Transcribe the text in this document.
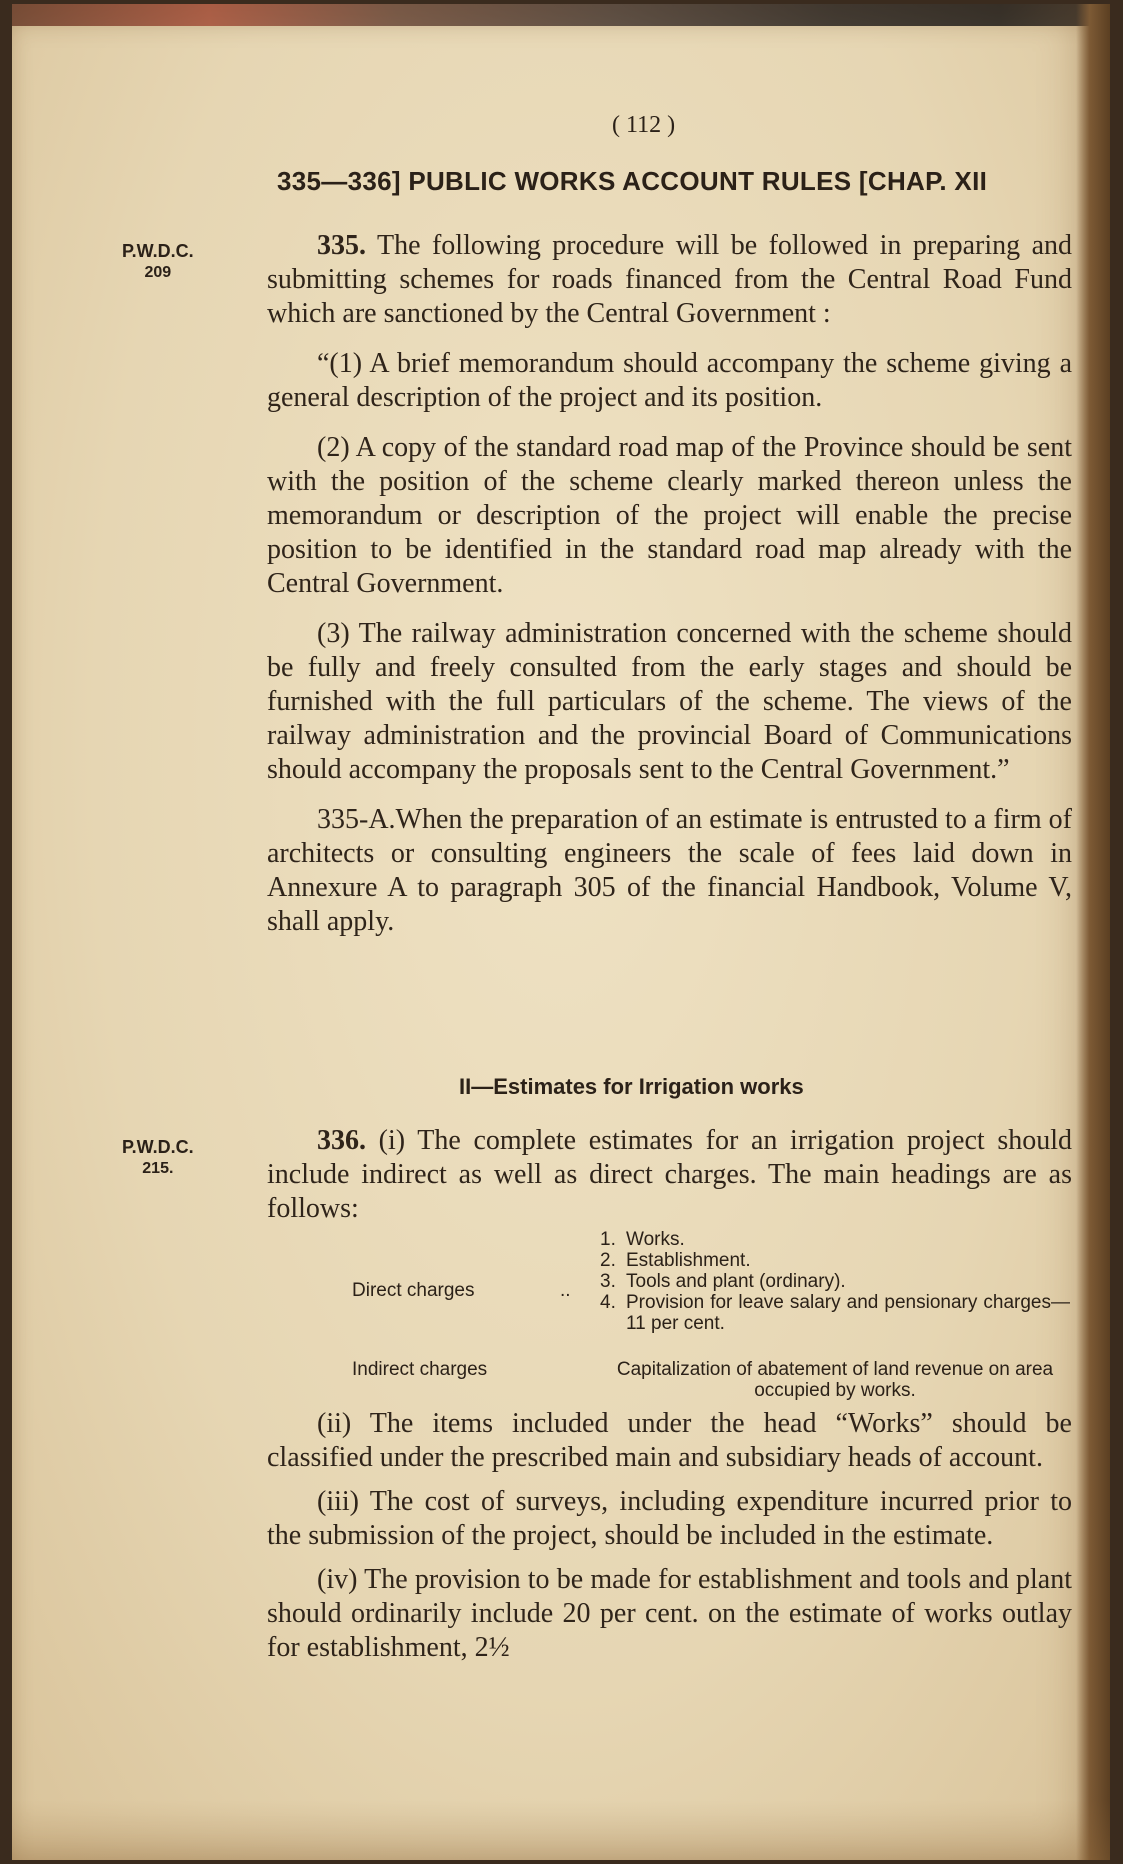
( 112 )
335—336] PUBLIC WORKS ACCOUNT RULES [CHAP. XII
P.W.D.C.
209

335. The following procedure will be followed in preparing and submitting schemes for roads financed from the Central Road Fund which are sanctioned by the Central Government :

“(1) A brief memorandum should accompany the scheme giving a general description of the project and its position.

(2) A copy of the standard road map of the Province should be sent with the position of the scheme clearly marked thereon unless the memorandum or description of the project will enable the precise position to be identified in the standard road map already with the Central Government.

(3) The railway administration concerned with the scheme should be fully and freely consulted from the early stages and should be furnished with the full particulars of the scheme. The views of the railway administration and the provincial Board of Communications should accompany the proposals sent to the Central Government.”

335-A.When the preparation of an estimate is entrusted to a firm of architects or consulting engineers the scale of fees laid down in Annexure A to paragraph 305 of the financial Handbook, Volume V, shall apply.

II—Estimates for Irrigation works
P.W.D.C.
215.

336. (i) The complete estimates for an irrigation project should include indirect as well as direct charges. The main headings are as follows:

Direct charges	..
1. Works.
2. Establishment.
3. Tools and plant (ordinary).
4. Provision for leave salary and pensionary charges—11 per cent.
Indirect charges	Capitalization of abatement of land revenue on area occupied by works.

(ii) The items included under the head “Works” should be classified under the prescribed main and subsidiary heads of account.

(iii) The cost of surveys, including expenditure incurred prior to the submission of the project, should be included in the estimate.

(iv) The provision to be made for establishment and tools and plant should ordinarily include 20 per cent. on the estimate of works outlay for establishment, 2½
